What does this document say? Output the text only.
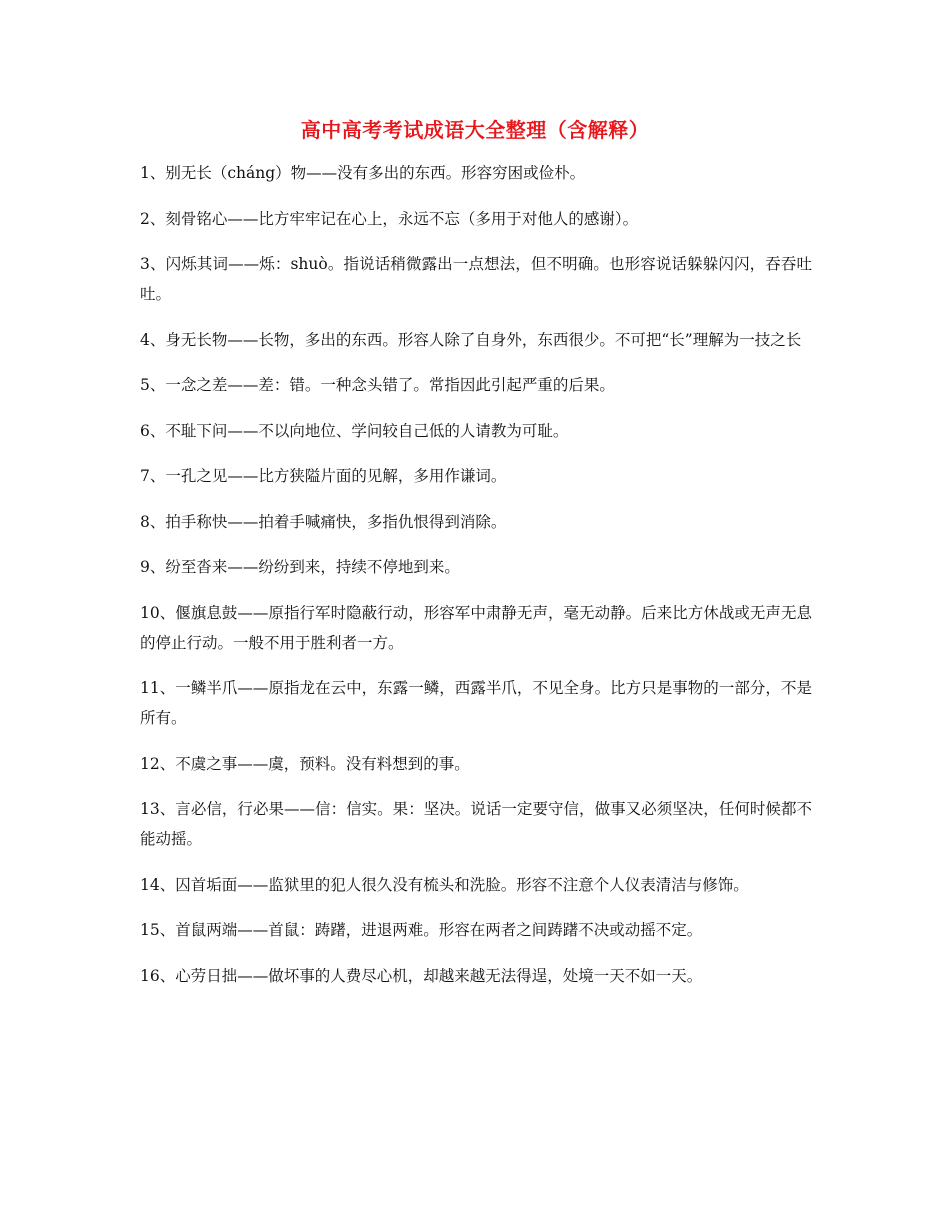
高中高考考试成语大全整理（含解释）
1、别无长（cháng）物——没有多出的东西。形容穷困或俭朴。
2、刻骨铭心——比方牢牢记在心上，永远不忘（多用于对他人的感谢）。
3、闪烁其词——烁：shuò。指说话稍微露出一点想法，但不明确。也形容说话躲躲闪闪，吞吞吐吐。
4、身无长物——长物，多出的东西。形容人除了自身外，东西很少。不可把“长”理解为一技之长
5、一念之差——差：错。一种念头错了。常指因此引起严重的后果。
6、不耻下问——不以向地位、学问较自己低的人请教为可耻。
7、一孔之见——比方狭隘片面的见解，多用作谦词。
8、拍手称快——拍着手喊痛快，多指仇恨得到消除。
9、纷至沓来——纷纷到来，持续不停地到来。
10、偃旗息鼓——原指行军时隐蔽行动，形容军中肃静无声，毫无动静。后来比方休战或无声无息的停止行动。一般不用于胜利者一方。
11、一鳞半爪——原指龙在云中，东露一鳞，西露半爪，不见全身。比方只是事物的一部分，不是所有。
12、不虞之事——虞，预料。没有料想到的事。
13、言必信，行必果——信：信实。果：坚决。说话一定要守信，做事又必须坚决，任何时候都不能动摇。
14、囚首垢面——监狱里的犯人很久没有梳头和洗脸。形容不注意个人仪表清洁与修饰。
15、首鼠两端——首鼠：踌躇，进退两难。形容在两者之间踌躇不决或动摇不定。
16、心劳日拙——做坏事的人费尽心机，却越来越无法得逞，处境一天不如一天。
